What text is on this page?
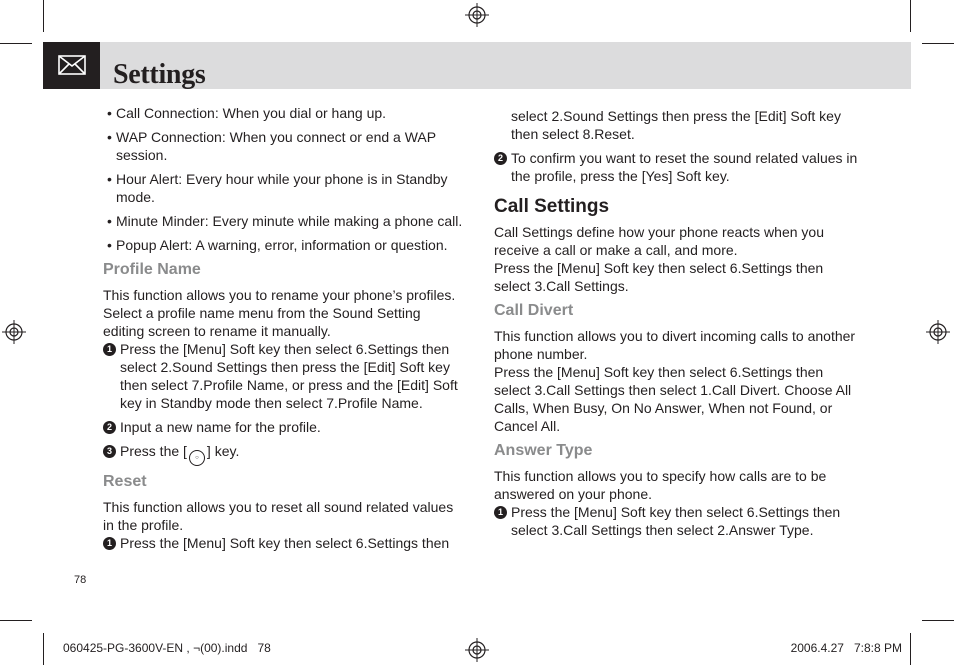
Settings
• Call Connection: When you dial or hang up.
• WAP Connection: When you connect or end a WAP session.
• Hour Alert: Every hour while your phone is in Standby mode.
• Minute Minder: Every minute while making a phone call.
• Popup Alert: A warning, error, information or question.
Profile Name

This function allows you to rename your phone’s profiles. Select a profile name menu from the Sound Setting editing screen to rename it manually.

1 Press the [Menu] Soft key then select 6.Settings then select 2.Sound Settings then press the [Edit] Soft key then select 7.Profile Name, or press and the [Edit] Soft key in Standby mode then select 7.Profile Name.
2 Input a new name for the profile.
3 Press the [ ○ ] key.
Reset

This function allows you to reset all sound related values in the profile.

1 Press the [Menu] Soft key then select 6.Settings then
select 2.Sound Settings then press the [Edit] Soft key then select 8.Reset.
2 To confirm you want to reset the sound related values in the profile, press the [Yes] Soft key.
Call Settings

Call Settings define how your phone reacts when you receive a call or make a call, and more.

Press the [Menu] Soft key then select 6.Settings then select 3.Call Settings.

Call Divert

This function allows you to divert incoming calls to another phone number.

Press the [Menu] Soft key then select 6.Settings then select 3.Call Settings then select 1.Call Divert. Choose All Calls, When Busy, On No Answer, When not Found, or Cancel All.

Answer Type

This function allows you to specify how calls are to be answered on your phone.

1 Press the [Menu] Soft key then select 6.Settings then select 3.Call Settings then select 2.Answer Type.
78
060425-PG-3600V-EN , ¬(00).indd   78	2006.4.27   7:8:8 PM
